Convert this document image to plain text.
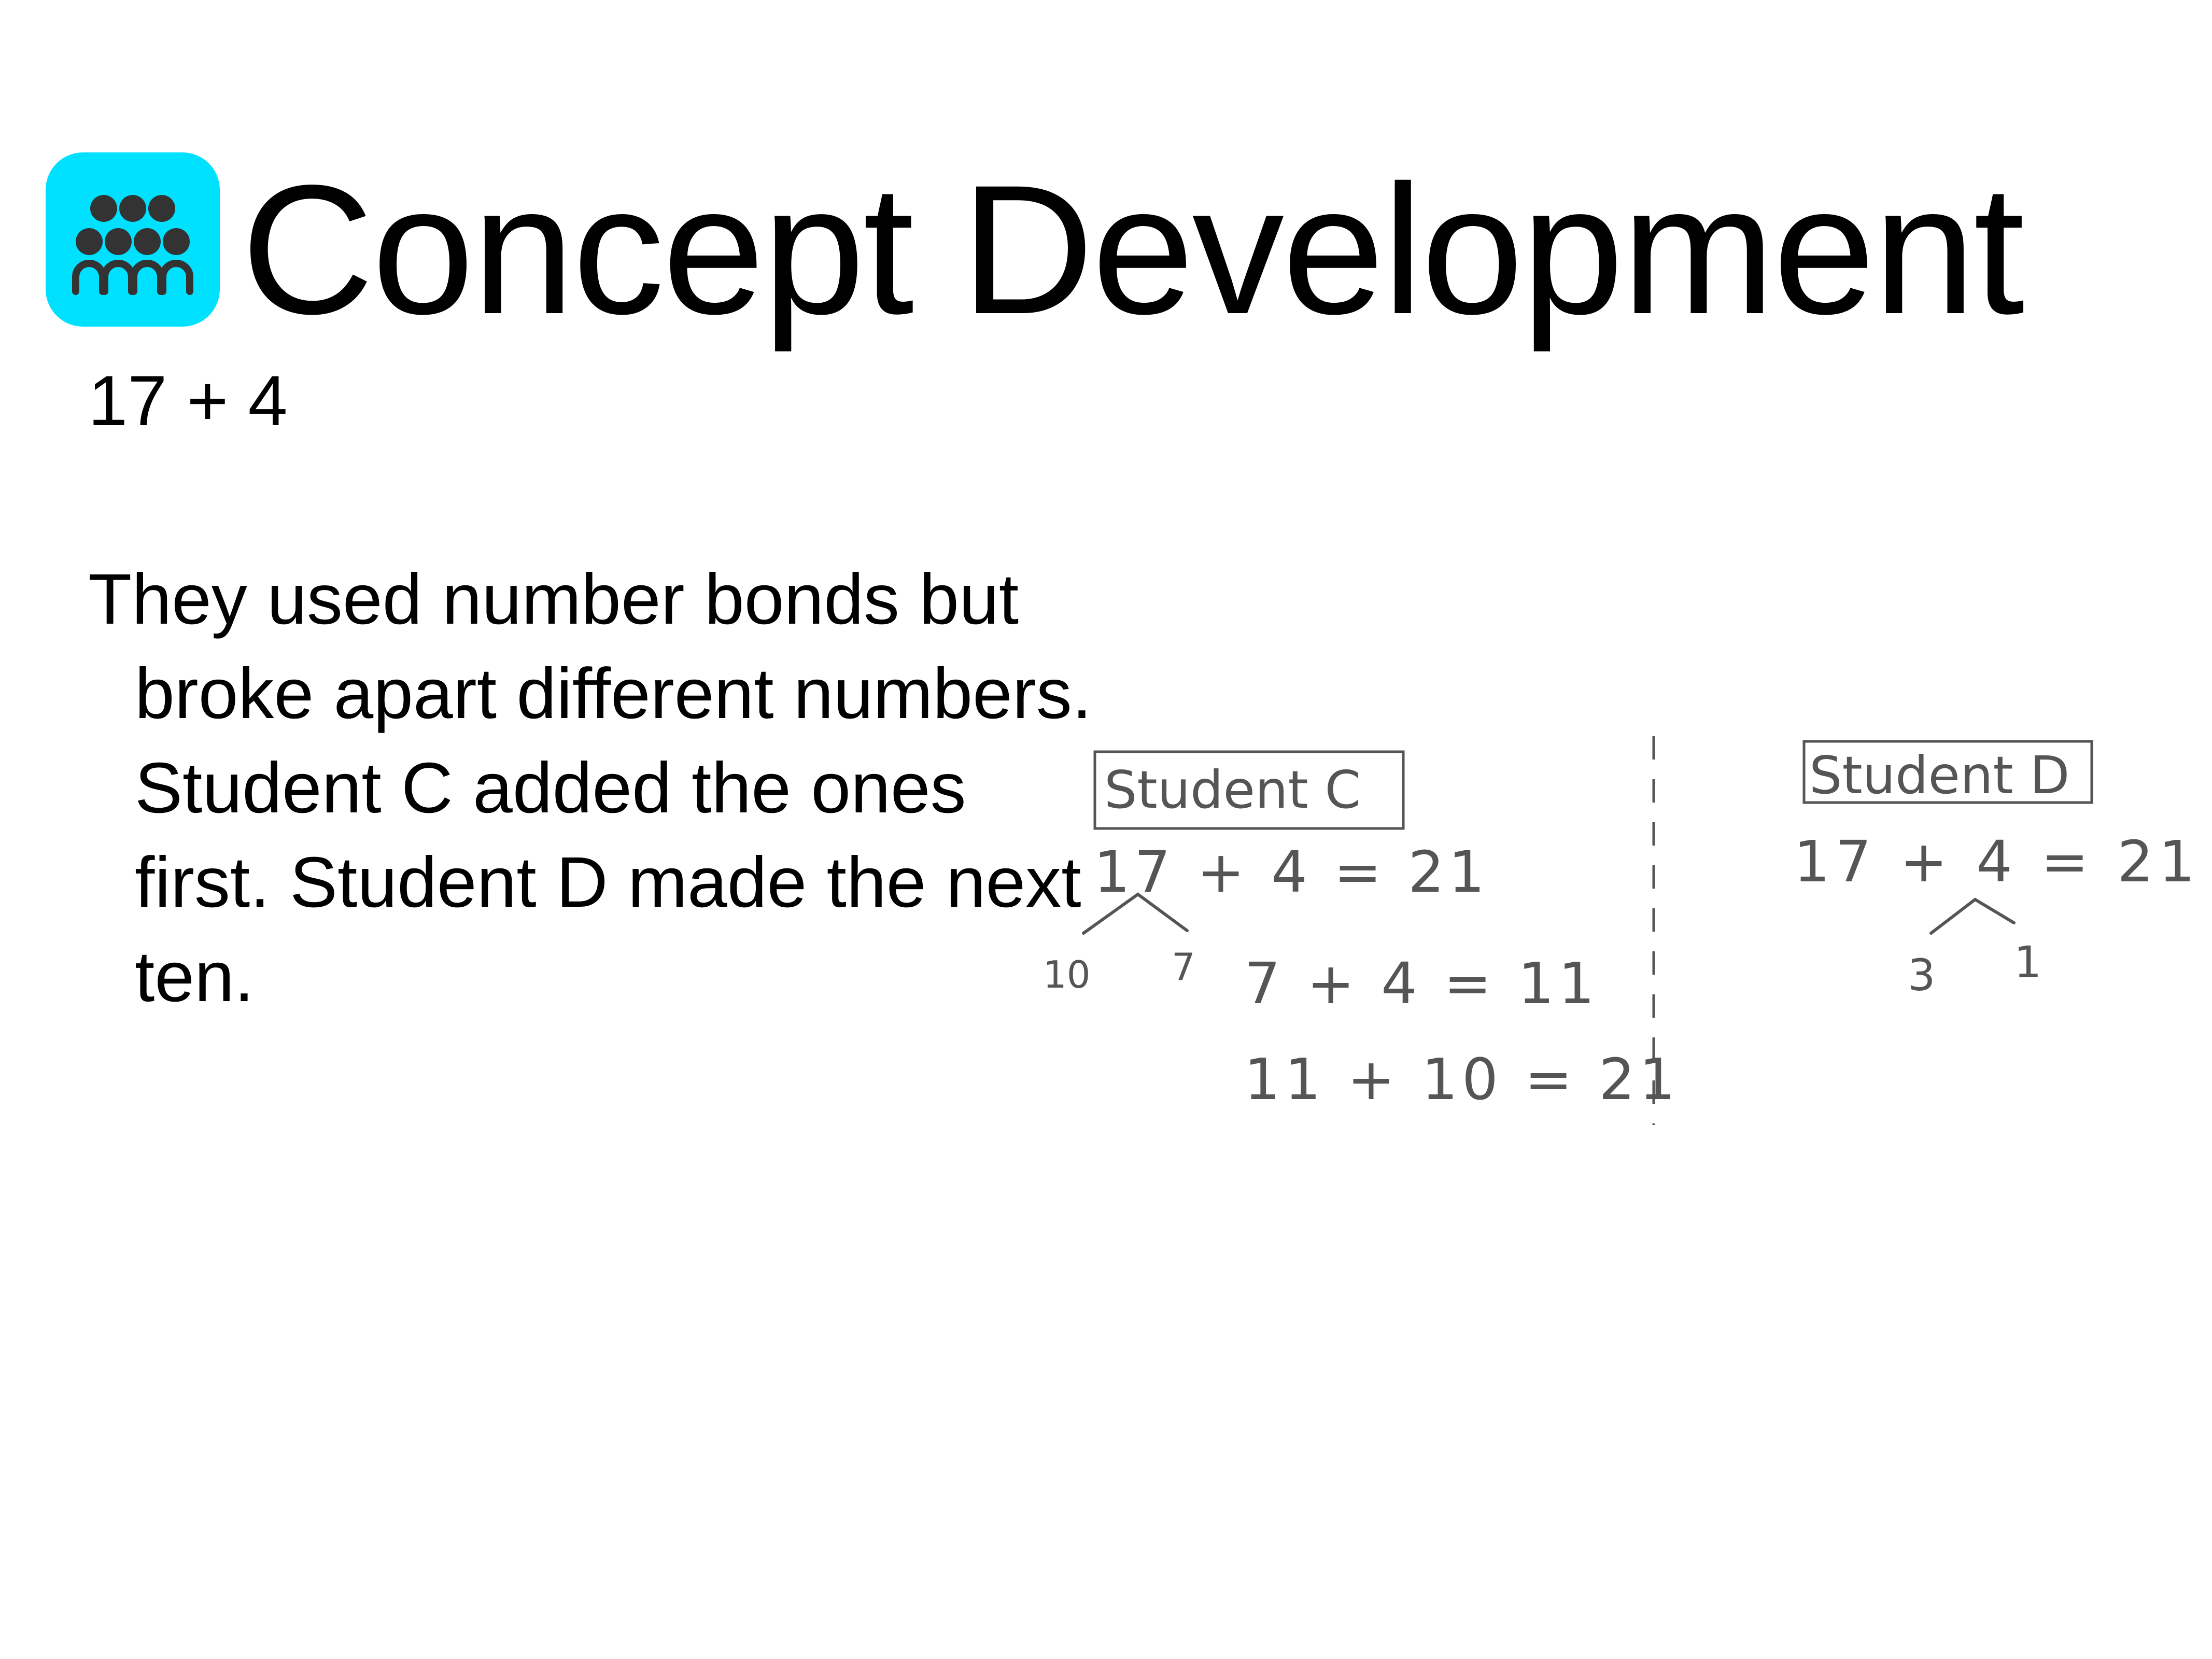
Concept Development
17 + 4
They used number bonds but broke apart different numbers. Student C added the ones first. Student D made the next ten.
Student C
17 + 4 = 21
10 7 7 + 4 = 11
11 + 10 = 21
Student D
17 + 4 = 21
3 1
